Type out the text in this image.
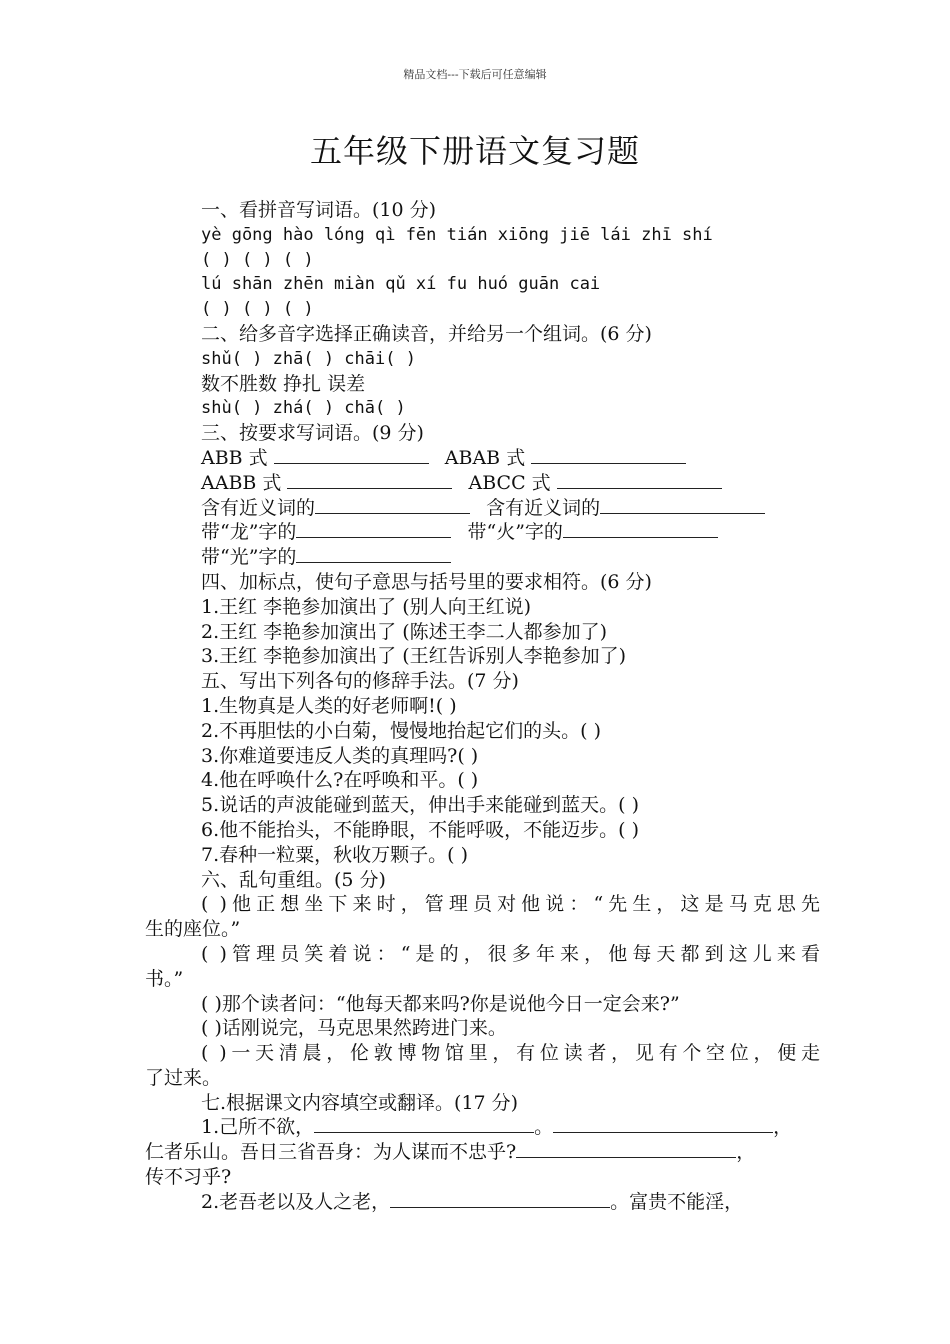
精品文档---下载后可任意编辑
五年级下册语文复习题
一、看拼音写词语。(10 分)
yè gōng hào lóng qì fēn tián xiōng jiē lái zhī shí
( ) ( ) ( )
lú shān zhēn miàn qǔ xí fu huó guān cai
( ) ( ) ( )
二、给多音字选择正确读音，并给另一个组词。(6 分)
shǔ( ) zhā( ) chāi( )
数不胜数 挣扎 误差
shù( ) zhá( ) chā( )
三、按要求写词语。(9 分)
ABB 式	ABAB 式
AABB 式	ABCC 式
含有近义词的	含有近义词的
带“龙”字的	带“火”字的
带“光”字的
四、加标点，使句子意思与括号里的要求相符。(6 分)
1.王红 李艳参加演出了 (别人向王红说)
2.王红 李艳参加演出了 (陈述王李二人都参加了)
3.王红 李艳参加演出了 (王红告诉别人李艳参加了)
五、写出下列各句的修辞手法。(7 分)
1.生物真是人类的好老师啊!( )
2.不再胆怯的小白菊，慢慢地抬起它们的头。( )
3.你难道要违反人类的真理吗?( )
4.他在呼唤什么?在呼唤和平。( )
5.说话的声波能碰到蓝天，伸出手来能碰到蓝天。( )
6.他不能抬头，不能睁眼，不能呼吸，不能迈步。( )
7.春种一粒粟，秋收万颗子。( )
六、乱句重组。(5 分)
( )他正想坐下来时，管理员对他说：“先生，这是马克思先
生的座位。”
( )管理员笑着说：“是的，很多年来，他每天都到这儿来看
书。”
( )那个读者问：“他每天都来吗?你是说他今日一定会来?”
( )话刚说完，马克思果然跨进门来。
( )一天清晨，伦敦博物馆里，有位读者，见有个空位，便走
了过来。
七.根据课文内容填空或翻译。(17 分)
1.己所不欲，	。	，
仁者乐山。吾日三省吾身：为人谋而不忠乎?	，
传不习乎?
2.老吾老以及人之老，	。富贵不能淫，
